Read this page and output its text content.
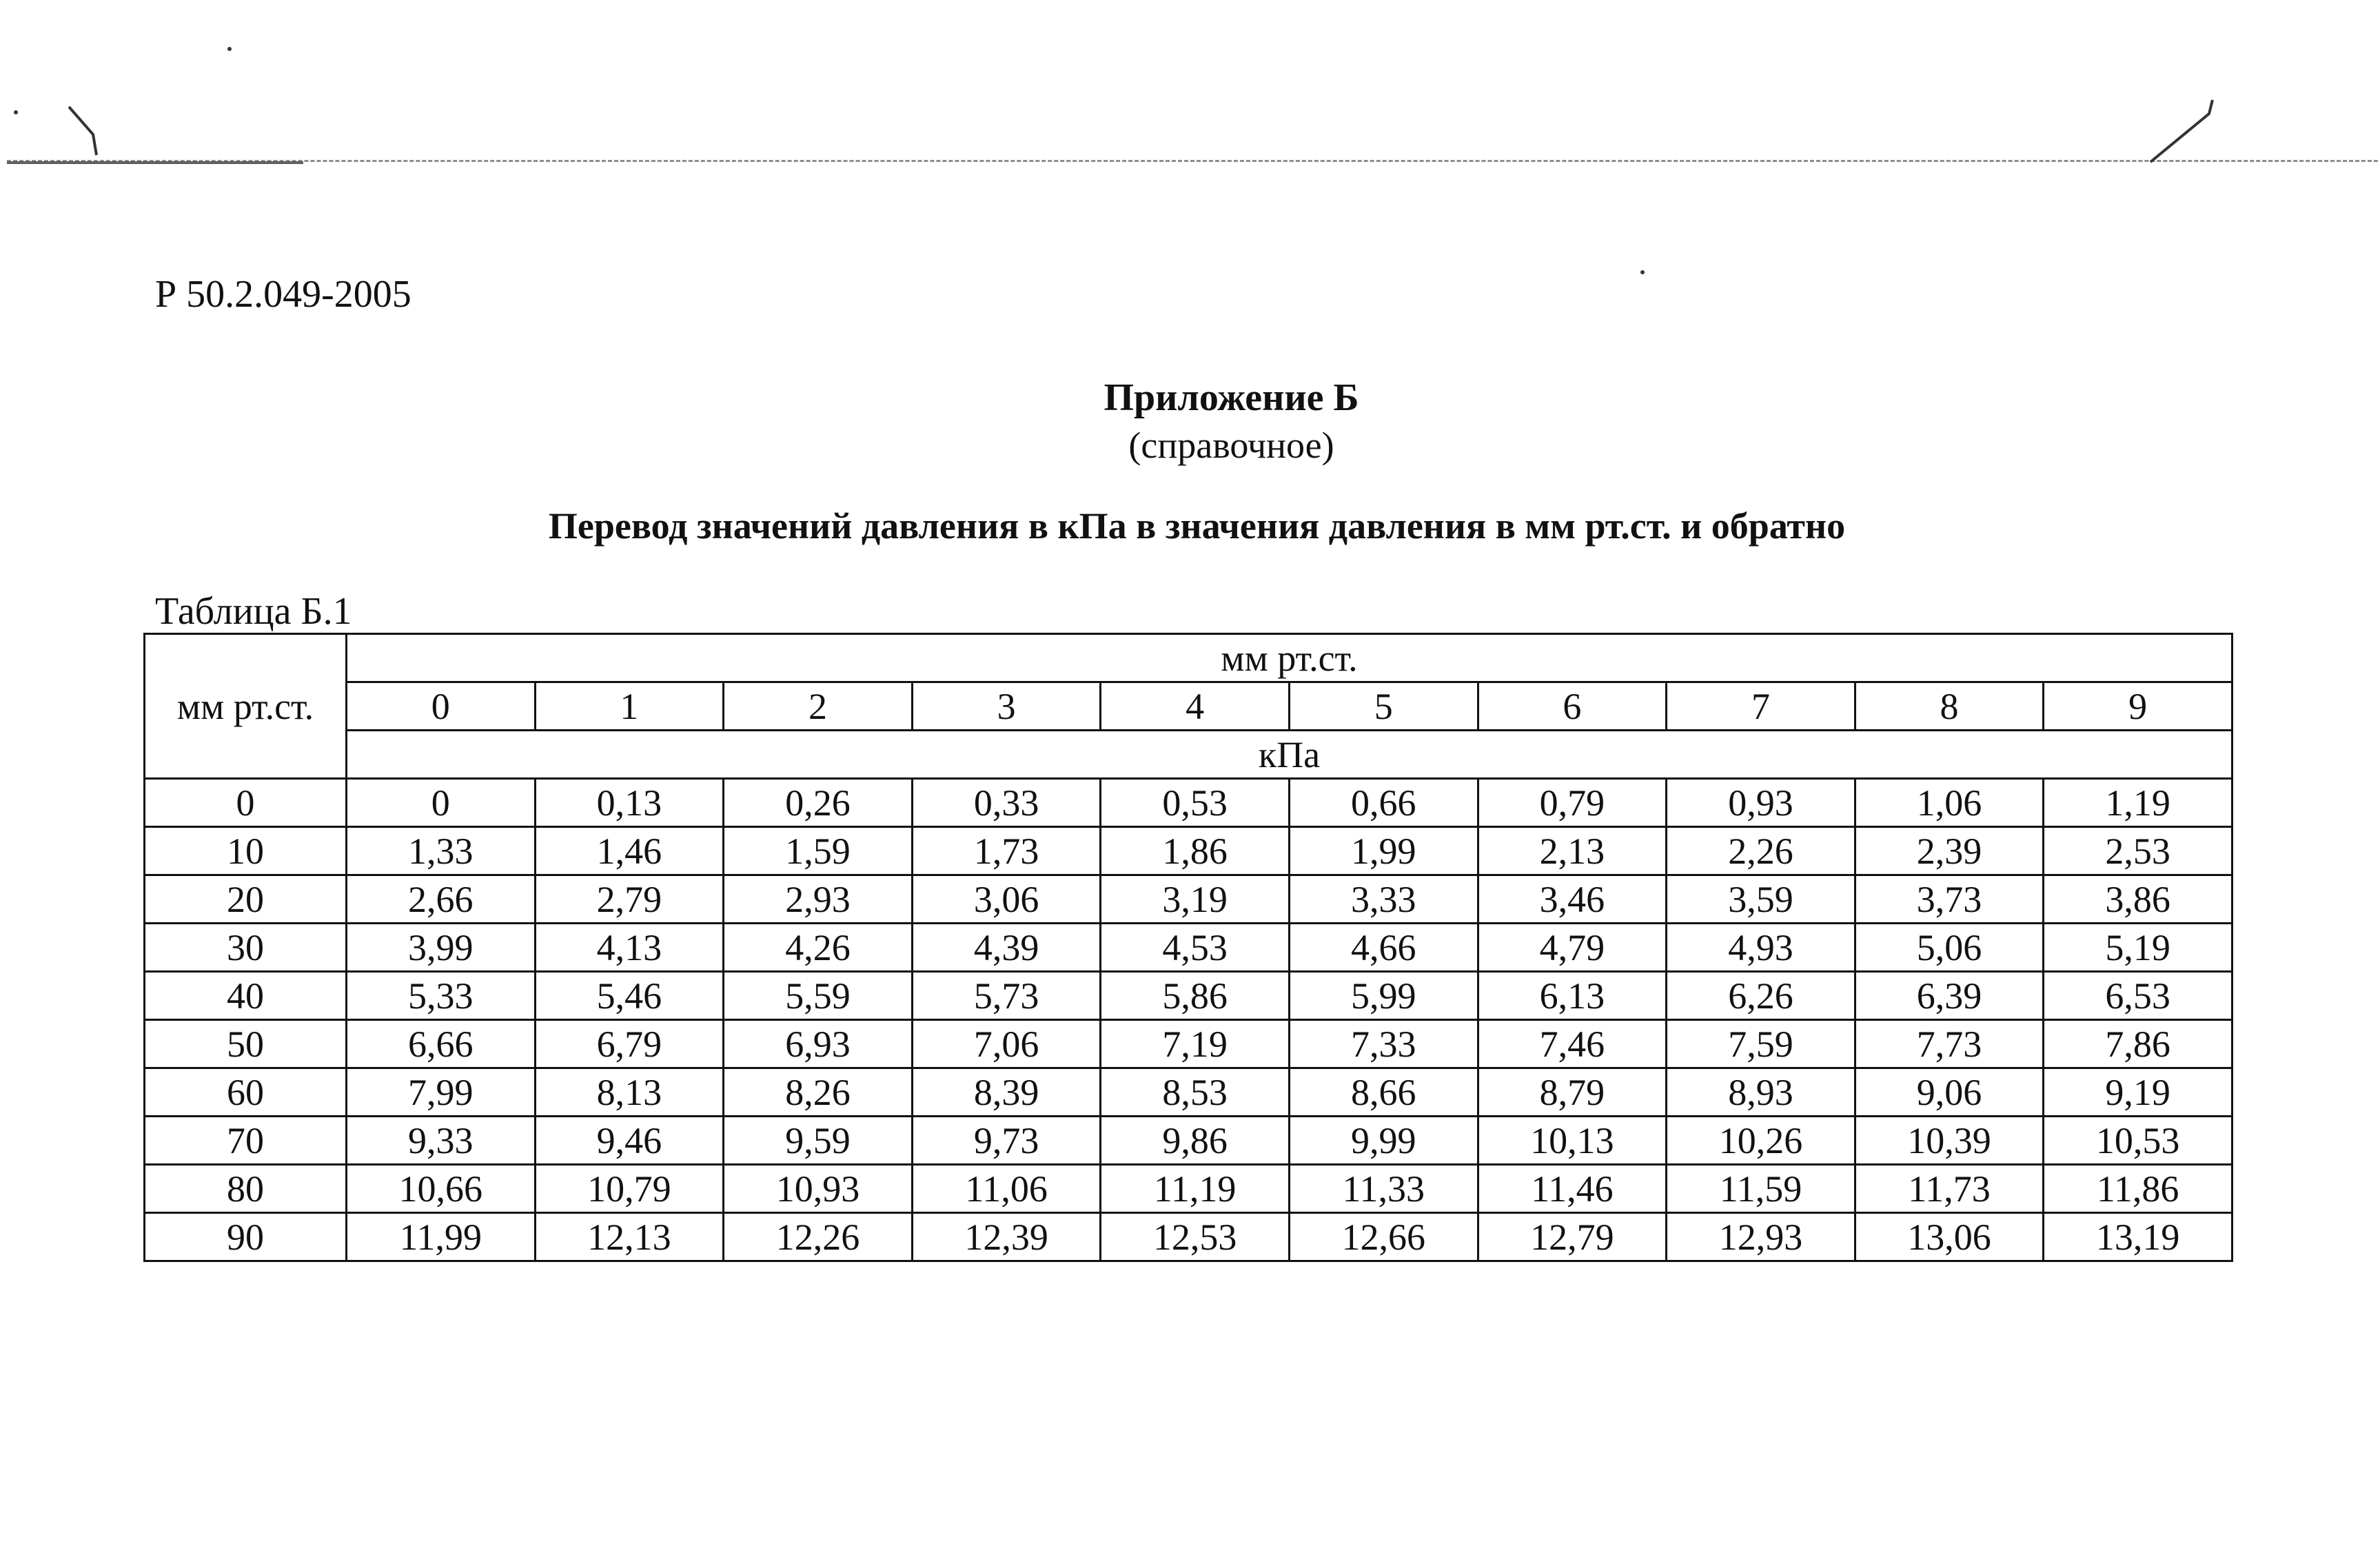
Р 50.2.049-2005
Приложение Б
(справочное)
Перевод значений давления в кПа в значения давления в мм рт.ст. и обратно
Таблица Б.1
мм рт.ст.	мм рт.ст.									
	0	1	2	3	4	5	6	7	8	9
	кПа									
0	0	0,13	0,26	0,33	0,53	0,66	0,79	0,93	1,06	1,19
10	1,33	1,46	1,59	1,73	1,86	1,99	2,13	2,26	2,39	2,53
20	2,66	2,79	2,93	3,06	3,19	3,33	3,46	3,59	3,73	3,86
30	3,99	4,13	4,26	4,39	4,53	4,66	4,79	4,93	5,06	5,19
40	5,33	5,46	5,59	5,73	5,86	5,99	6,13	6,26	6,39	6,53
50	6,66	6,79	6,93	7,06	7,19	7,33	7,46	7,59	7,73	7,86
60	7,99	8,13	8,26	8,39	8,53	8,66	8,79	8,93	9,06	9,19
70	9,33	9,46	9,59	9,73	9,86	9,99	10,13	10,26	10,39	10,53
80	10,66	10,79	10,93	11,06	11,19	11,33	11,46	11,59	11,73	11,86
90	11,99	12,13	12,26	12,39	12,53	12,66	12,79	12,93	13,06	13,19
